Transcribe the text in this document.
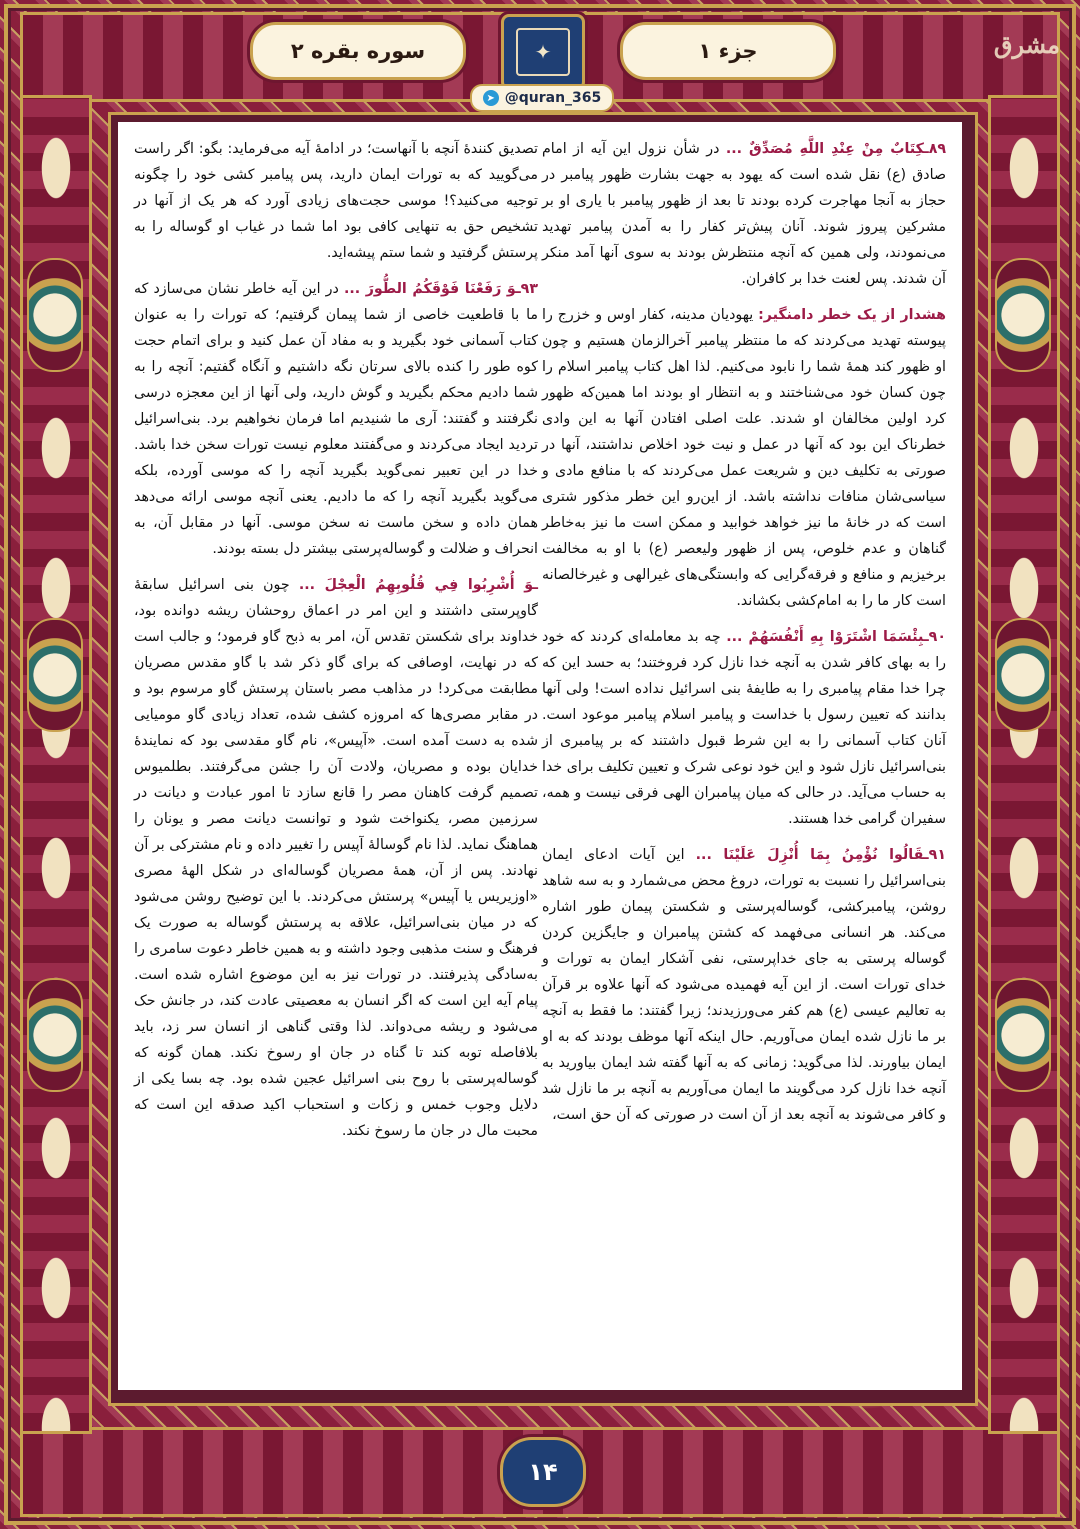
سوره بقره ۲	✦	جزء ۱	مشرق
➤ @quran_365

۸۹ـكِتَابٌ مِنْ عِنْدِ اللَّهِ مُصَدِّقٌ ... در شأن نزول این آیه از امام صادق (ع) نقل شده است که یهود به جهت بشارت ظهور پیامبر در حجاز به آنجا مهاجرت کرده بودند تا بعد از ظهور پیامبر با یاری او بر مشرکین پیروز شوند. آنان پیش‌تر کفار را به آمدن پیامبر تهدید می‌نمودند، ولی همین که آنچه منتظرش بودند به سوی آنها آمد منکر آن شدند. پس لعنت خدا بر کافران.

هشدار از یک خطر دامنگیر: یهودیان مدینه، کفار اوس و خزرج را پیوسته تهدید می‌کردند که ما منتظر پیامبر آخرالزمان هستیم و چون او ظهور کند همهٔ شما را نابود می‌کنیم. لذا اهل کتاب پیامبر اسلام را چون کسان خود می‌شناختند و به انتظار او بودند اما همین‌که ظهور کرد اولین مخالفان او شدند. علت اصلی افتادن آنها به این وادی خطرناک این بود که آنها در عمل و نیت خود اخلاص نداشتند، آنها در صورتی به تکلیف دین و شریعت عمل می‌کردند که با منافع مادی و سیاسی‌شان منافات نداشته باشد. از این‌رو این خطر مذکور شتری است که در خانهٔ ما نیز خواهد خوابید و ممکن است ما نیز به‌خاطر گناهان و عدم خلوص، پس از ظهور ولیعصر (ع) با او به مخالفت برخیزیم و منافع و فرقه‌گرایی که وابستگی‌های غیرالهی و غیرخالصانه است کار ما را به امام‌کشی بکشاند.

۹۰ـبِئْسَمَا اشْتَرَوْا بِهِ أَنْفُسَهُمْ ... چه بد معامله‌ای کردند که خود را به بهای کافر شدن به آنچه خدا نازل کرد فروختند؛ به حسد این که چرا خدا مقام پیامبری را به طایفهٔ بنی اسرائیل نداده است! ولی آنها بدانند که تعیین رسول با خداست و پیامبر اسلام پیامبر موعود است. آنان کتاب آسمانی را به این شرط قبول داشتند که بر پیامبری از بنی‌اسرائیل نازل شود و این خود نوعی شرک و تعیین تکلیف برای خدا به حساب می‌آید. در حالی که میان پیامبران الهی فرقی نیست و همه، سفیران گرامی خدا هستند.

۹۱ـقَالُوا نُؤْمِنُ بِمَا أُنْزِلَ عَلَيْنَا ... این آیات ادعای ایمان بنی‌اسرائیل را نسبت به تورات، دروغ محض می‌شمارد و به سه شاهد روشن، پیامبرکشی، گوساله‌پرستی و شکستن پیمان طور اشاره می‌کند. هر انسانی می‌فهمد که کشتن پیامبران و جایگزین کردن گوساله پرستی به جای خداپرستی، نفی آشکار ایمان به تورات و خدای تورات است. از این آیه فهمیده می‌شود که آنها علاوه بر قرآن به تعالیم عیسی (ع) هم کفر می‌ورزیدند؛ زیرا گفتند: ما فقط به آنچه بر ما نازل شده ایمان می‌آوریم. حال اینکه آنها موظف بودند که به او ایمان بیاورند. لذا می‌گوید: زمانی که به آنها گفته شد ایمان بیاورید به آنچه خدا نازل کرد می‌گویند ما ایمان می‌آوریم به آنچه بر ما نازل شد و کافر می‌شوند به آنچه بعد از آن است در صورتی که آن حق است،

تصدیق کنندهٔ آنچه با آنهاست؛ در ادامهٔ آیه می‌فرماید: بگو: اگر راست می‌گویید که به تورات ایمان دارید، پس پیامبر کشی خود را چگونه توجیه می‌کنید؟! موسی حجت‌های زیادی آورد که هر یک از آنها در تشخیص حق به تنهایی کافی بود اما شما در غیاب او گوساله را به پرستش گرفتید و شما ستم پیشه‌اید.

۹۳ـوَ رَفَعْنَا فَوْقَكُمُ الطُّورَ ... در این آیه خاطر نشان می‌سازد که ما با قاطعیت خاصی از شما پیمان گرفتیم؛ که تورات را به عنوان کتاب آسمانی خود بگیرید و به مفاد آن عمل کنید و برای اتمام حجت کوه طور را کنده بالای سرتان نگه داشتیم و آنگاه گفتیم: آنچه را به شما دادیم محکم بگیرید و گوش دارید، ولی آنها از این معجزه درسی نگرفتند و گفتند: آری ما شنیدیم اما فرمان نخواهیم برد. بنی‌اسرائیل تردید ایجاد می‌کردند و می‌گفتند معلوم نیست تورات سخن خدا باشد. خدا در این تعبیر نمی‌گوید بگیرید آنچه را که موسی آورده، بلکه می‌گوید بگیرید آنچه را که ما دادیم. یعنی آنچه موسی ارائه می‌دهد همان داده و سخن ماست نه سخن موسی. آنها در مقابل آن، به انحراف و ضلالت و گوساله‌پرستی بیشتر دل بسته بودند.

ـوَ أُشْرِبُوا فِي قُلُوبِهِمُ الْعِجْلَ ... چون بنی اسرائیل سابقهٔ گاوپرستی داشتند و این امر در اعماق روحشان ریشه دوانده بود، خداوند برای شکستن تقدس آن، امر به ذبح گاو فرمود؛ و جالب است که در نهایت، اوصافی که برای گاو ذکر شد با گاو مقدس مصریان مطابقت می‌کرد! در مذاهب مصر باستان پرستش گاو مرسوم بود و در مقابر مصری‌ها که امروزه کشف شده، تعداد زیادی گاو مومیایی شده به دست آمده است. «آپیس»، نام گاو مقدسی بود که نمایندهٔ خدایان بوده و مصریان، ولادت آن را جشن می‌گرفتند. بطلمیوس تصمیم گرفت کاهنان مصر را قانع سازد تا امور عبادت و دیانت در سرزمین مصر، یکنواخت شود و توانست دیانت مصر و یونان را هماهنگ نماید. لذا نام گوسالهٔ آپیس را تغییر داده و نام مشترکی بر آن نهادند. پس از آن، همهٔ مصریان گوساله‌ای در شکل الههٔ مصری «اوزیریس یا آپیس» پرستش می‌کردند. با این توضیح روشن می‌شود که در میان بنی‌اسرائیل، علاقه به پرستش گوساله به صورت یک فرهنگ و سنت مذهبی وجود داشته و به همین خاطر دعوت سامری را به‌سادگی پذیرفتند. در تورات نیز به این موضوع اشاره شده است. پیام آیه این است که اگر انسان به معصیتی عادت کند، در جانش حک می‌شود و ریشه می‌دواند. لذا وقتی گناهی از انسان سر زد، باید بلافاصله توبه کند تا گناه در جان او رسوخ نکند. همان گونه که گوساله‌پرستی با روح بنی اسرائیل عجین شده بود. چه بسا یکی از دلایل وجوب خمس و زکات و استحباب اکید صدقه این است که محبت مال در جان ما رسوخ نکند.

۱۴
